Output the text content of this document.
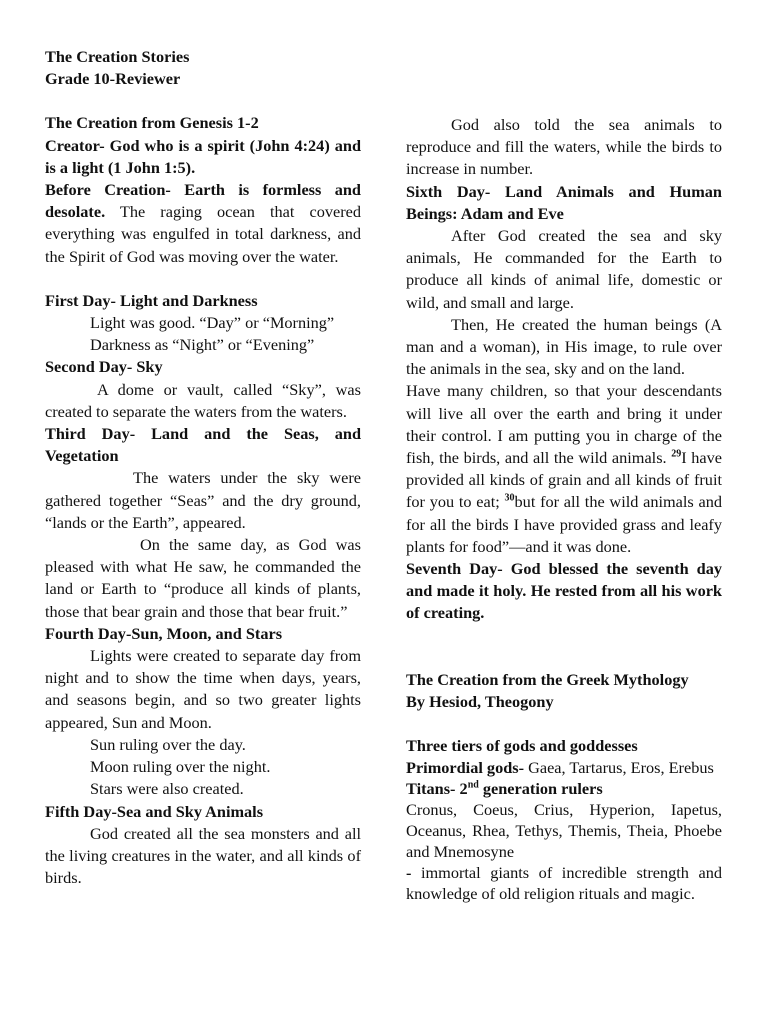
The Creation Stories

Grade 10-Reviewer

The Creation from Genesis 1-2

Creator- God who is a spirit (John 4:24) and is a light (1 John 1:5).

Before Creation- Earth is formless and desolate. The raging ocean that covered everything was engulfed in total darkness, and the Spirit of God was moving over the water.

First Day- Light and Darkness

Light was good. “Day” or “Morning”

Darkness as “Night” or “Evening”

Second Day- Sky

A dome or vault, called “Sky”, was created to separate the waters from the waters.

Third Day- Land and the Seas, and Vegetation

The waters under the sky were gathered together “Seas” and the dry ground, “lands or the Earth”, appeared.

On the same day, as God was pleased with what He saw, he commanded the land or Earth to “produce all kinds of plants, those that bear grain and those that bear fruit.”

Fourth Day-Sun, Moon, and Stars

Lights were created to separate day from night and to show the time when days, years, and seasons begin, and so two greater lights appeared, Sun and Moon.

Sun ruling over the day.

Moon ruling over the night.

Stars were also created.

Fifth Day-Sea and Sky Animals

God created all the sea monsters and all the living creatures in the water, and all kinds of birds.

God also told the sea animals to reproduce and fill the waters, while the birds to increase in number.

Sixth Day- Land Animals and Human Beings: Adam and Eve

After God created the sea and sky animals, He commanded for the Earth to produce all kinds of animal life, domestic or wild, and small and large.

Then, He created the human beings (A man and a woman), in His image, to rule over the animals in the sea, sky and on the land.

Have many children, so that your descendants will live all over the earth and bring it under their control. I am putting you in charge of the fish, the birds, and all the wild animals. $^{29}$I have provided all kinds of grain and all kinds of fruit for you to eat; $^{30}$but for all the wild animals and for all the birds I have provided grass and leafy plants for food”—and it was done.

Seventh Day- God blessed the seventh day and made it holy. He rested from all his work of creating.

The Creation from the Greek Mythology

By Hesiod, Theogony

Three tiers of gods and goddesses

Primordial gods- Gaea, Tartarus, Eros, Erebus

Titans- 2nd generation rulers

Cronus, Coeus, Crius, Hyperion, Iapetus, Oceanus, Rhea, Tethys, Themis, Theia, Phoebe and Mnemosyne

- immortal giants of incredible strength and knowledge of old religion rituals and magic.
